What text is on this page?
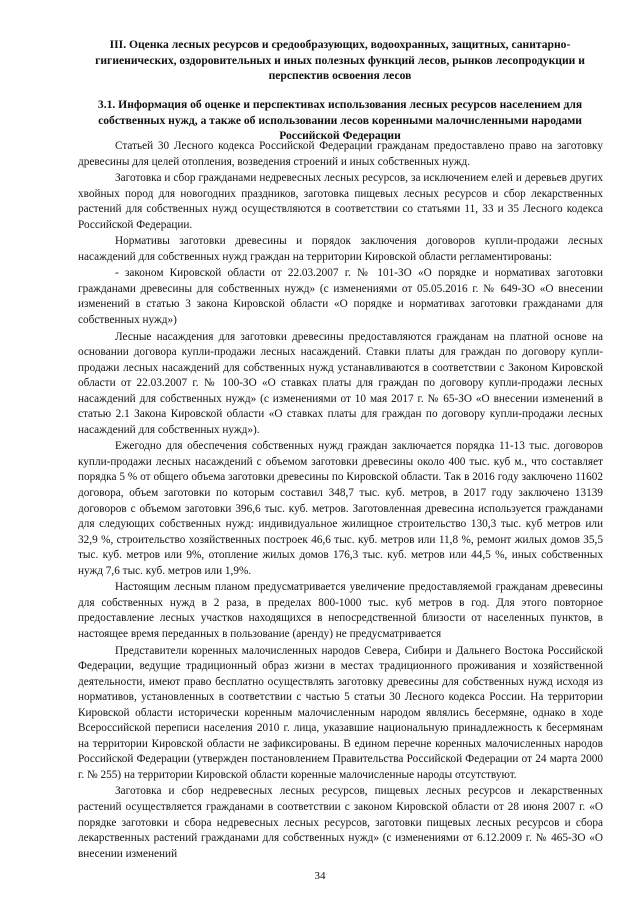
III. Оценка лесных ресурсов и средообразующих, водоохранных, защитных, санитарно-гигиенических, оздоровительных и иных полезных функций лесов, рынков лесопродукции и перспектив освоения лесов
3.1. Информация об оценке и перспективах использования лесных ресурсов населением для собственных нужд, а также об использовании лесов коренными малочисленными народами Российской Федерации

Статьей 30 Лесного кодекса Российской Федерации гражданам предоставлено право на заготовку древесины для целей отопления, возведения строений и иных собственных нужд.

Заготовка и сбор гражданами недревесных лесных ресурсов, за исключением елей и деревьев других хвойных пород для новогодних праздников, заготовка пищевых лесных ресурсов и сбор лекарственных растений для собственных нужд осуществляются в соответствии со статьями 11, 33 и 35 Лесного кодекса Российской Федерации.

Нормативы заготовки древесины и порядок заключения договоров купли-продажи лесных насаждений для собственных нужд граждан на территории Кировской области регламентированы:

- законом Кировской области от 22.03.2007 г. № 101-ЗО «О порядке и нормативах заготовки гражданами древесины для собственных нужд» (с изменениями от 05.05.2016 г. № 649-ЗО «О внесении изменений в статью 3 закона Кировской области «О порядке и нормативах заготовки гражданами для собственных нужд»)

Лесные насаждения для заготовки древесины предоставляются гражданам на платной основе на основании договора купли-продажи лесных насаждений. Ставки платы для граждан по договору купли-продажи лесных насаждений для собственных нужд устанавливаются в соответствии с Законом Кировской области от 22.03.2007 г. № 100-ЗО «О ставках платы для граждан по договору купли-продажи лесных насаждений для собственных нужд» (с изменениями от 10 мая 2017 г. № 65-ЗО «О внесении изменений в статью 2.1 Закона Кировской области «О ставках платы для граждан по договору купли-продажи лесных насаждений для собственных нужд»).

Ежегодно для обеспечения собственных нужд граждан заключается порядка 11-13 тыс. договоров купли-продажи лесных насаждений с объемом заготовки древесины около 400 тыс. куб м., что составляет порядка 5 % от общего объема заготовки древесины по Кировской области. Так в 2016 году заключено 11602 договора, объем заготовки по которым составил 348,7 тыс. куб. метров, в 2017 году заключено 13139 договоров с объемом заготовки 396,6 тыс. куб. метров. Заготовленная древесина используется гражданами для следующих собственных нужд: индивидуальное жилищное строительство 130,3 тыс. куб метров или 32,9 %, строительство хозяйственных построек 46,6 тыс. куб. метров или 11,8 %, ремонт жилых домов 35,5 тыс. куб. метров или 9%, отопление жилых домов 176,3 тыс. куб. метров или 44,5 %, иных собственных нужд 7,6 тыс. куб. метров или 1,9%.

Настоящим лесным планом предусматривается увеличение предоставляемой гражданам древесины для собственных нужд в 2 раза, в пределах 800-1000 тыс. куб метров в год. Для этого повторное предоставление лесных участков находящихся в непосредственной близости от населенных пунктов, в настоящее время переданных в пользование (аренду) не предусматривается

Представители коренных малочисленных народов Севера, Сибири и Дальнего Востока Российской Федерации, ведущие традиционный образ жизни в местах традиционного проживания и хозяйственной деятельности, имеют право бесплатно осуществлять заготовку древесины для собственных нужд исходя из нормативов, установленных в соответствии с частью 5 статьи 30 Лесного кодекса России. На территории Кировской области исторически коренным малочисленным народом являлись бесермяне, однако в ходе Всероссийской переписи населения 2010 г. лица, указавшие национальную принадлежность к бесермянам на территории Кировской области не зафиксированы. В едином перечне коренных малочисленных народов Российской Федерации (утвержден постановлением Правительства Российской Федерации от 24 марта 2000 г. № 255) на территории Кировской области коренные малочисленные народы отсутствуют.

Заготовка и сбор недревесных лесных ресурсов, пищевых лесных ресурсов и лекарственных растений осуществляется гражданами в соответствии с законом Кировской области от 28 июня 2007 г. «О порядке заготовки и сбора недревесных лесных ресурсов, заготовки пищевых лесных ресурсов и сбора лекарственных растений гражданами для собственных нужд» (с изменениями от 6.12.2009 г. № 465-ЗО «О внесении изменений

34
